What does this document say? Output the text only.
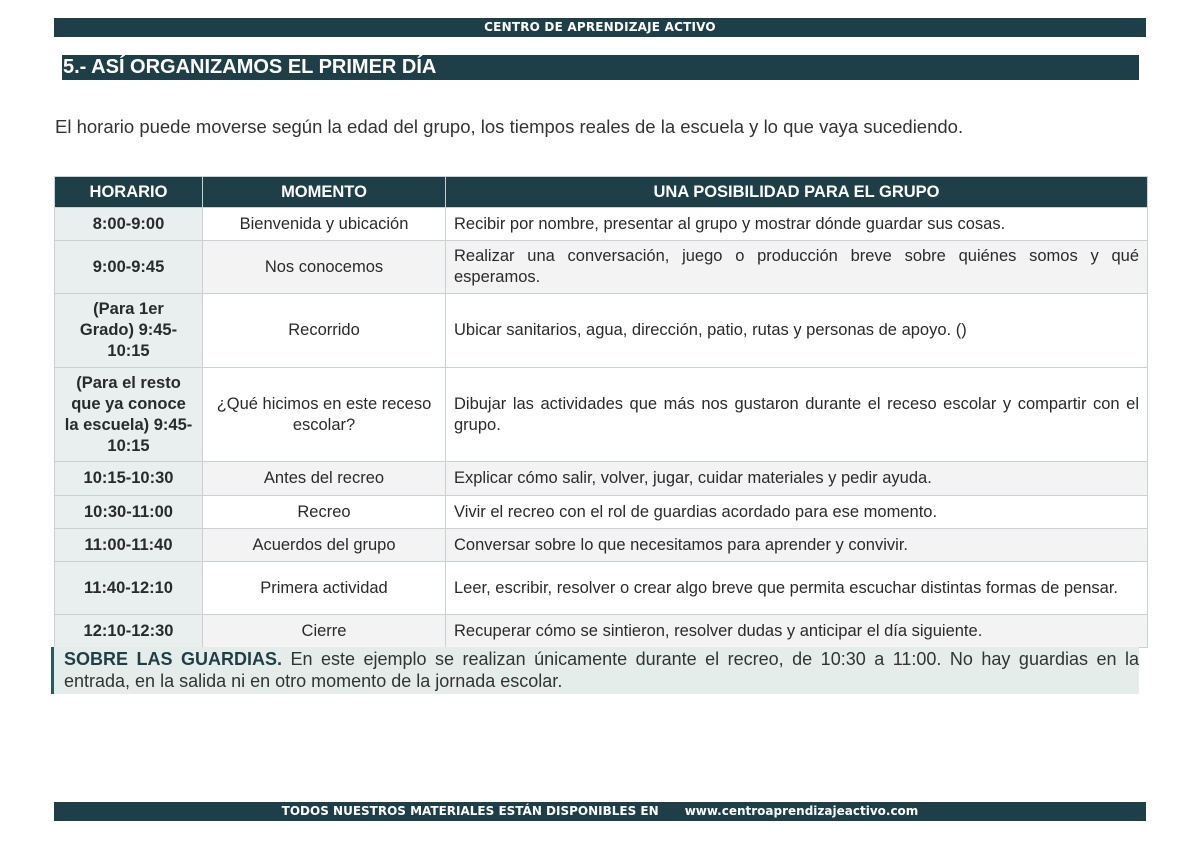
CENTRO DE APRENDIZAJE ACTIVO
5.- ASÍ ORGANIZAMOS EL PRIMER DÍA
El horario puede moverse según la edad del grupo, los tiempos reales de la escuela y lo que vaya sucediendo.
HORARIO	MOMENTO	UNA POSIBILIDAD PARA EL GRUPO
8:00-9:00	Bienvenida y ubicación	Recibir por nombre, presentar al grupo y mostrar dónde guardar sus cosas.
9:00-9:45	Nos conocemos	Realizar una conversación, juego o producción breve sobre quiénes somos y qué esperamos.
(Para 1er Grado) 9:45-10:15	Recorrido	Ubicar sanitarios, agua, dirección, patio, rutas y personas de apoyo. ()
(Para el resto que ya conoce la escuela) 9:45-10:15	¿Qué hicimos en este receso escolar?	Dibujar las actividades que más nos gustaron durante el receso escolar y compartir con el grupo.
10:15-10:30	Antes del recreo	Explicar cómo salir, volver, jugar, cuidar materiales y pedir ayuda.
10:30-11:00	Recreo	Vivir el recreo con el rol de guardias acordado para ese momento.
11:00-11:40	Acuerdos del grupo	Conversar sobre lo que necesitamos para aprender y convivir.
11:40-12:10	Primera actividad	Leer, escribir, resolver o crear algo breve que permita escuchar distintas formas de pensar.
12:10-12:30	Cierre	Recuperar cómo se sintieron, resolver dudas y anticipar el día siguiente.
SOBRE LAS GUARDIAS. En este ejemplo se realizan únicamente durante el recreo, de 10:30 a 11:00. No hay guardias en la entrada, en la salida ni en otro momento de la jornada escolar.
TODOS NUESTROS MATERIALES ESTÁN DISPONIBLES EN www.centroaprendizajeactivo.com
